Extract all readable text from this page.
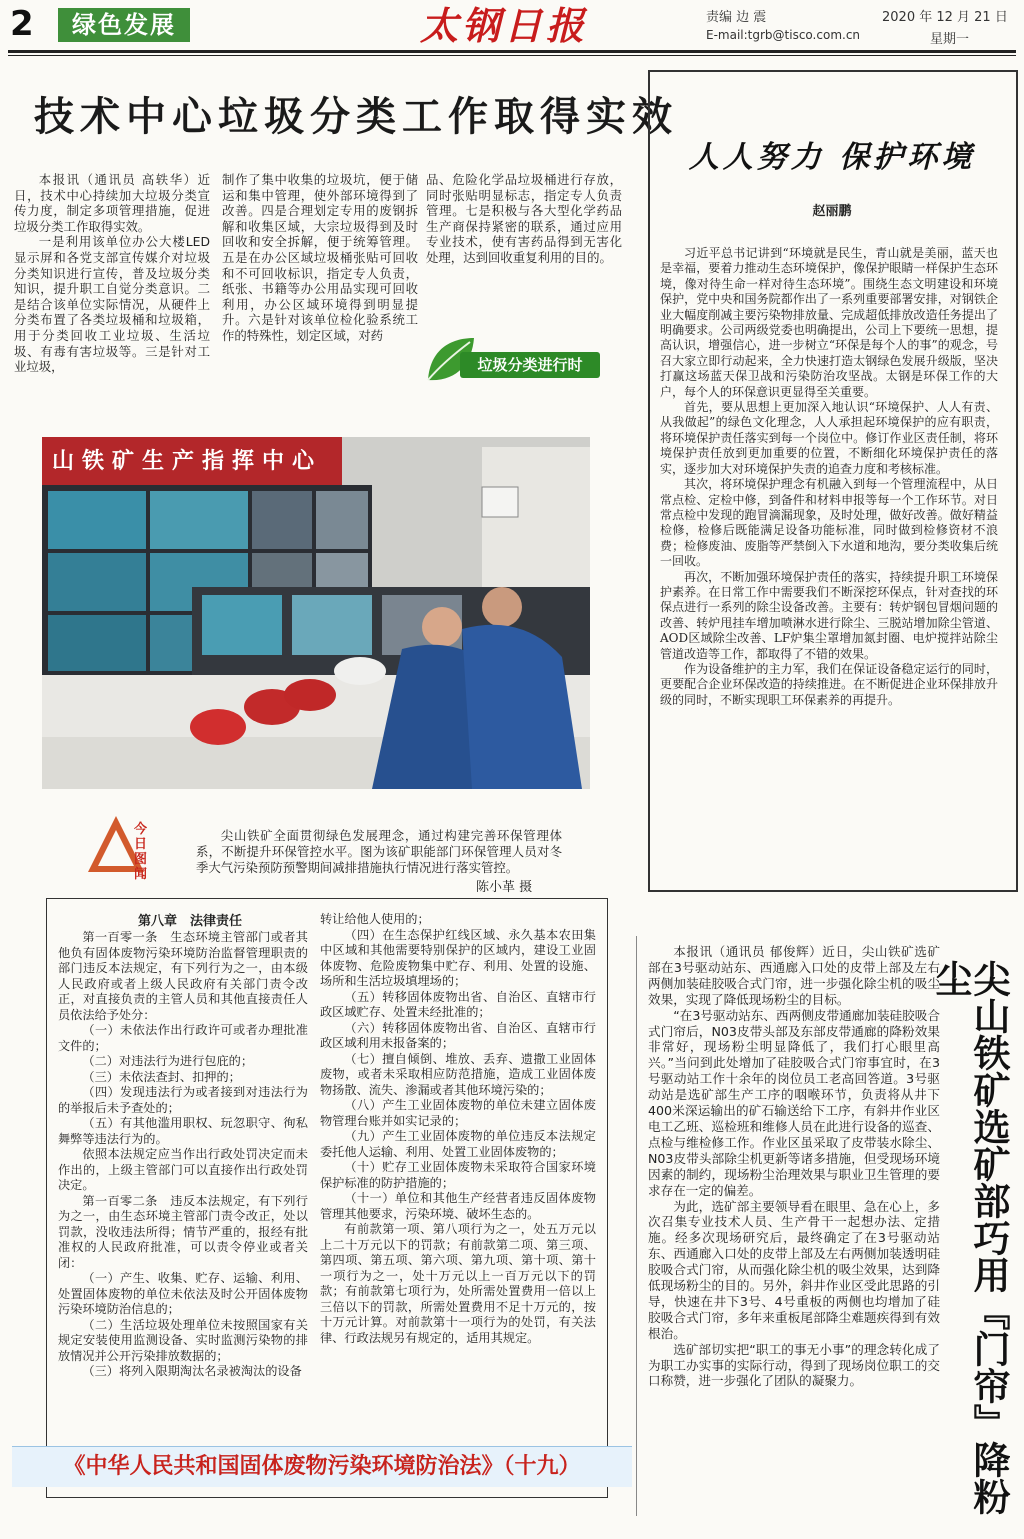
2	绿色发展	太钢日报	责编 边 震
E-mail:tgrb@tisco.com.cn
2020 年 12 月 21 日
星期一
技术中心垃圾分类工作取得实效

本报讯（通讯员 高轶华）近日，技术中心持续加大垃圾分类宣传力度，制定多项管理措施，促进垃圾分类工作取得实效。

一是利用该单位办公大楼LED显示屏和各党支部宣传媒介对垃圾分类知识进行宣传，普及垃圾分类知识，提升职工自觉分类意识。二是结合该单位实际情况，从硬件上分类布置了各类垃圾桶和垃圾箱，用于分类回收工业垃圾、生活垃圾、有毒有害垃圾等。三是针对工业垃圾，

制作了集中收集的垃圾坑，便于储运和集中管理，使外部环境得到了改善。四是合理划定专用的废钢拆解和收集区域，大宗垃圾得到及时回收和安全拆解，便于统筹管理。五是在办公区域垃圾桶张贴可回收和不可回收标识，指定专人负责，纸张、书籍等办公用品实现可回收利用，办公区域环境得到明显提升。六是针对该单位检化验系统工作的特殊性，划定区域，对药

品、危险化学品垃圾桶进行存放，同时张贴明显标志，指定专人负责管理。七是积极与各大型化学药品生产商保持紧密的联系，通过应用专业技术，使有害药品得到无害化处理，达到回收重复利用的目的。

垃圾分类进行时
山铁矿生产指挥中心
今日图闻

尖山铁矿全面贯彻绿色发展理念，通过构建完善环保管理体系，不断提升环保管控水平。图为该矿职能部门环保管理人员对冬季大气污染预防预警期间减排措施执行情况进行落实管控。

陈小革 摄
人人努力 保护环境
赵丽鹏

习近平总书记讲到“环境就是民生，青山就是美丽，蓝天也是幸福，要着力推动生态环境保护，像保护眼睛一样保护生态环境，像对待生命一样对待生态环境”。围绕生态文明建设和环境保护，党中央和国务院都作出了一系列重要部署安排，对钢铁企业大幅度削减主要污染物排放量、完成超低排放改造任务提出了明确要求。公司两级党委也明确提出，公司上下要统一思想，提高认识，增强信心，进一步树立“环保是每个人的事”的观念，号召大家立即行动起来，全力快速打造太钢绿色发展升级版，坚决打赢这场蓝天保卫战和污染防治攻坚战。太钢是环保工作的大户，每个人的环保意识更显得至关重要。

首先，要从思想上更加深入地认识“环境保护、人人有责、从我做起”的绿色文化理念，人人承担起环境保护的应有职责，将环境保护责任落实到每一个岗位中。修订作业区责任制，将环境保护责任放到更加重要的位置，不断细化环境保护责任的落实，逐步加大对环境保护失责的追查力度和考核标准。

其次，将环境保护理念有机融入到每一个管理流程中，从日常点检、定检中修，到备件和材料申报等每一个工作环节。对日常点检中发现的跑冒滴漏现象，及时处理，做好改善。做好精益检修，检修后既能满足设备功能标准，同时做到检修资材不浪费；检修废油、废脂等严禁倒入下水道和地沟，要分类收集后统一回收。

再次，不断加强环境保护责任的落实，持续提升职工环境保护素养。在日常工作中需要我们不断深挖环保点，针对查找的环保点进行一系列的除尘设备改善。主要有：转炉钢包冒烟问题的改善、转炉甩挂车增加喷淋水进行除尘、三脱站增加除尘管道、AOD区域除尘改善、LF炉集尘罩增加氮封圈、电炉搅拌站除尘管道改造等工作，都取得了不错的效果。

作为设备维护的主力军，我们在保证设备稳定运行的同时，更要配合企业环保改造的持续推进。在不断促进企业环保排放升级的同时，不断实现职工环保素养的再提升。

第八章　法律责任

第一百零一条　生态环境主管部门或者其他负有固体废物污染环境防治监督管理职责的部门违反本法规定，有下列行为之一，由本级人民政府或者上级人民政府有关部门责令改正，对直接负责的主管人员和其他直接责任人员依法给予处分：

（一）未依法作出行政许可或者办理批准文件的；

（二）对违法行为进行包庇的；

（三）未依法查封、扣押的；

（四）发现违法行为或者接到对违法行为的举报后未予查处的；

（五）有其他滥用职权、玩忽职守、徇私舞弊等违法行为的。

依照本法规定应当作出行政处罚决定而未作出的，上级主管部门可以直接作出行政处罚决定。

第一百零二条　违反本法规定，有下列行为之一，由生态环境主管部门责令改正，处以罚款，没收违法所得；情节严重的，报经有批准权的人民政府批准，可以责令停业或者关闭：

（一）产生、收集、贮存、运输、利用、处置固体废物的单位未依法及时公开固体废物污染环境防治信息的；

（二）生活垃圾处理单位未按照国家有关规定安装使用监测设备、实时监测污染物的排放情况并公开污染排放数据的；

（三）将列入限期淘汰名录被淘汰的设备

转让给他人使用的；

（四）在生态保护红线区域、永久基本农田集中区域和其他需要特别保护的区域内，建设工业固体废物、危险废物集中贮存、利用、处置的设施、场所和生活垃圾填埋场的；

（五）转移固体废物出省、自治区、直辖市行政区域贮存、处置未经批准的；

（六）转移固体废物出省、自治区、直辖市行政区域利用未报备案的；

（七）擅自倾倒、堆放、丢弃、遗撒工业固体废物，或者未采取相应防范措施，造成工业固体废物扬散、流失、渗漏或者其他环境污染的；

（八）产生工业固体废物的单位未建立固体废物管理台账并如实记录的；

（九）产生工业固体废物的单位违反本法规定委托他人运输、利用、处置工业固体废物的；

（十）贮存工业固体废物未采取符合国家环境保护标准的防护措施的；

（十一）单位和其他生产经营者违反固体废物管理其他要求，污染环境、破坏生态的。

有前款第一项、第八项行为之一，处五万元以上二十万元以下的罚款；有前款第二项、第三项、第四项、第五项、第六项、第九项、第十项、第十一项行为之一，处十万元以上一百万元以下的罚款；有前款第七项行为，处所需处置费用一倍以上三倍以下的罚款，所需处置费用不足十万元的，按十万元计算。对前款第十一项行为的处罚，有关法律、行政法规另有规定的，适用其规定。

《中华人民共和国固体废物污染环境防治法》（十九）

本报讯（通讯员 郁俊辉）近日，尖山铁矿选矿部在3号驱动站东、西通廊入口处的皮带上部及左右两侧加装硅胶吸合式门帘，进一步强化除尘机的吸尘效果，实现了降低现场粉尘的目标。

“在3号驱动站东、西两侧皮带通廊加装硅胶吸合式门帘后，N03皮带头部及东部皮带通廊的降粉效果非常好，现场粉尘明显降低了，我们打心眼里高兴。”当问到此处增加了硅胶吸合式门帘事宜时，在3号驱动站工作十余年的岗位员工老高回答道。3号驱动站是选矿部生产工序的咽喉环节，负责将从井下400米深运输出的矿石输送给下工序，有斜井作业区电工乙班、巡检班和维修人员在此进行设备的巡查、点检与维检修工作。作业区虽采取了皮带装水除尘、N03皮带头部除尘机更新等诸多措施，但受现场环境因素的制约，现场粉尘治理效果与职业卫生管理的要求存在一定的偏差。

为此，选矿部主要领导看在眼里、急在心上，多次召集专业技术人员、生产骨干一起想办法、定措施。经多次现场研究后，最终确定了在3号驱动站东、西通廊入口处的皮带上部及左右两侧加装透明硅胶吸合式门帘，从而强化除尘机的吸尘效果，达到降低现场粉尘的目的。另外，斜井作业区受此思路的引导，快速在井下3号、4号重板的两侧也均增加了硅胶吸合式门帘，多年来重板尾部降尘难题疾得到有效根治。

选矿部切实把“职工的事无小事”的理念转化成了为职工办实事的实际行动，得到了现场岗位职工的交口称赞，进一步强化了团队的凝聚力。	尖山铁矿选矿部巧用『门帘』降粉尘
